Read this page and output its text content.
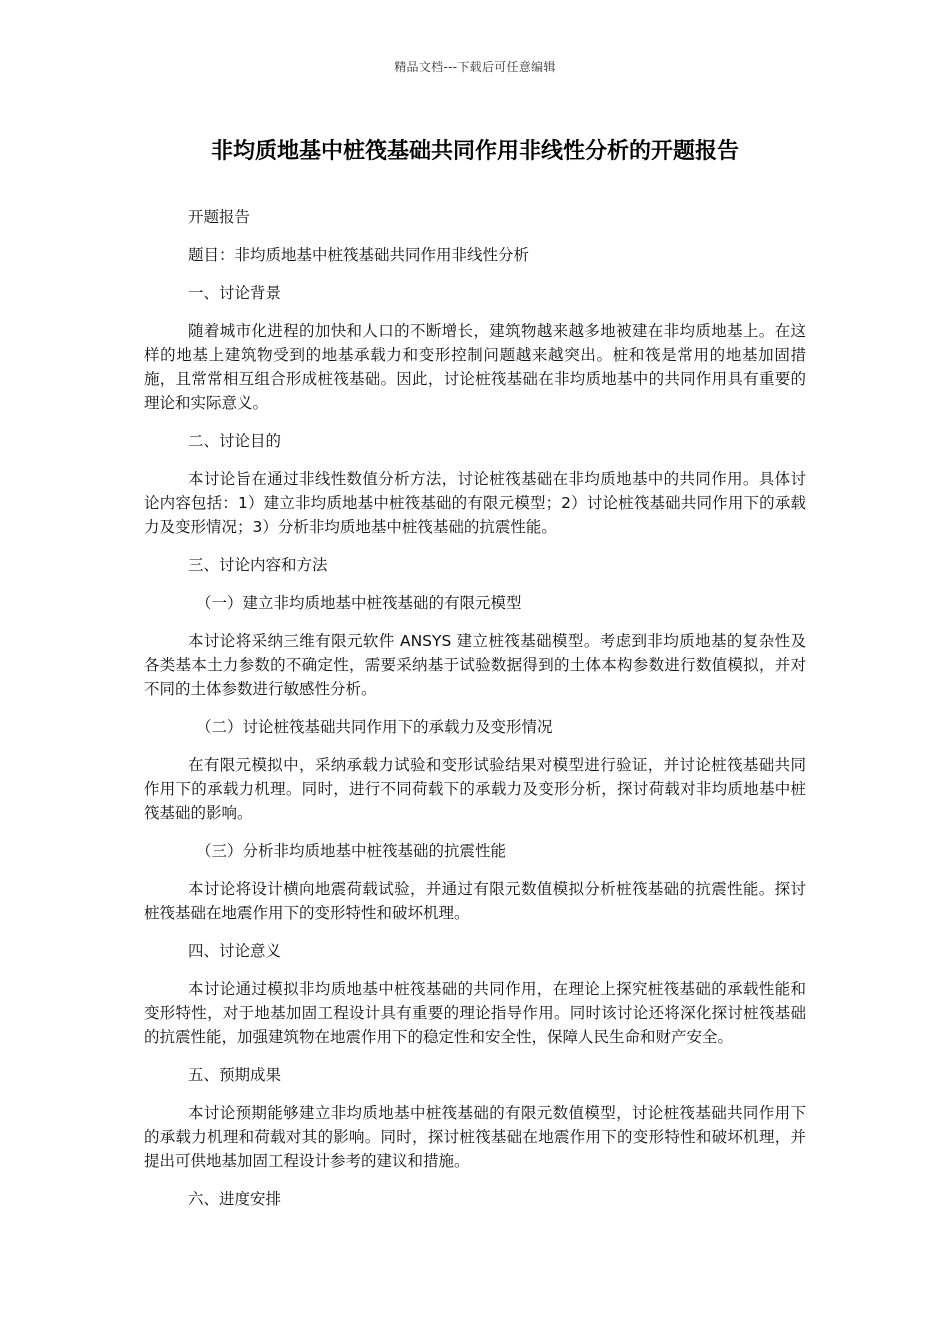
精品文档---下载后可任意编辑
非均质地基中桩筏基础共同作用非线性分析的开题报告

开题报告

题目：非均质地基中桩筏基础共同作用非线性分析

一、讨论背景

随着城市化进程的加快和人口的不断增长，建筑物越来越多地被建在非均质地基上。在这样的地基上建筑物受到的地基承载力和变形控制问题越来越突出。桩和筏是常用的地基加固措施，且常常相互组合形成桩筏基础。因此，讨论桩筏基础在非均质地基中的共同作用具有重要的理论和实际意义。

二、讨论目的

本讨论旨在通过非线性数值分析方法，讨论桩筏基础在非均质地基中的共同作用。具体讨论内容包括：1）建立非均质地基中桩筏基础的有限元模型；2）讨论桩筏基础共同作用下的承载力及变形情况；3）分析非均质地基中桩筏基础的抗震性能。

三、讨论内容和方法

（一）建立非均质地基中桩筏基础的有限元模型

本讨论将采纳三维有限元软件 ANSYS 建立桩筏基础模型。考虑到非均质地基的复杂性及各类基本土力参数的不确定性，需要采纳基于试验数据得到的土体本构参数进行数值模拟，并对不同的土体参数进行敏感性分析。

（二）讨论桩筏基础共同作用下的承载力及变形情况

在有限元模拟中，采纳承载力试验和变形试验结果对模型进行验证，并讨论桩筏基础共同作用下的承载力机理。同时，进行不同荷载下的承载力及变形分析，探讨荷载对非均质地基中桩筏基础的影响。

（三）分析非均质地基中桩筏基础的抗震性能

本讨论将设计横向地震荷载试验，并通过有限元数值模拟分析桩筏基础的抗震性能。探讨桩筏基础在地震作用下的变形特性和破坏机理。

四、讨论意义

本讨论通过模拟非均质地基中桩筏基础的共同作用，在理论上探究桩筏基础的承载性能和变形特性，对于地基加固工程设计具有重要的理论指导作用。同时该讨论还将深化探讨桩筏基础的抗震性能，加强建筑物在地震作用下的稳定性和安全性，保障人民生命和财产安全。

五、预期成果

本讨论预期能够建立非均质地基中桩筏基础的有限元数值模型，讨论桩筏基础共同作用下的承载力机理和荷载对其的影响。同时，探讨桩筏基础在地震作用下的变形特性和破坏机理，并提出可供地基加固工程设计参考的建议和措施。

六、进度安排
